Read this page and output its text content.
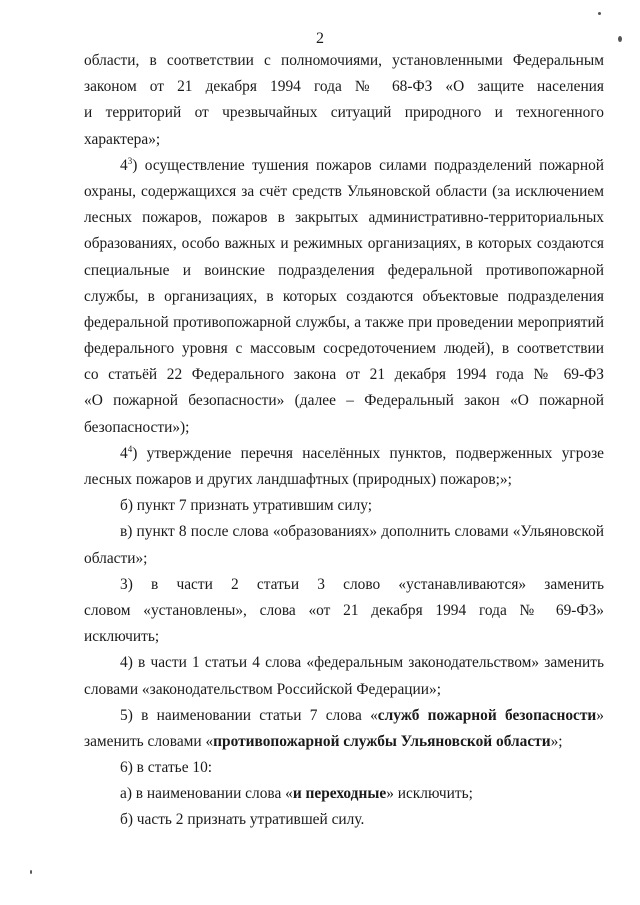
2
области, в соответствии с полномочиями, установленными Федеральным
законом от 21 декабря 1994 года № 68-ФЗ «О защите населения
и территорий от чрезвычайных ситуаций природного и техногенного
характера»;
$4^3$) осуществление тушения пожаров силами подразделений пожарной
охраны, содержащихся за счёт средств Ульяновской области (за исключением
лесных пожаров, пожаров в закрытых административно-территориальных
образованиях, особо важных и режимных организациях, в которых создаются
специальные и воинские подразделения федеральной противопожарной
службы, в организациях, в которых создаются объектовые подразделения
федеральной противопожарной службы, а также при проведении мероприятий
федерального уровня с массовым сосредоточением людей), в соответствии
со статьёй 22 Федерального закона от 21 декабря 1994 года № 69-ФЗ
«О пожарной безопасности» (далее – Федеральный закон «О пожарной
безопасности»);
$4^4$) утверждение перечня населённых пунктов, подверженных угрозе
лесных пожаров и других ландшафтных (природных) пожаров;»;
б) пункт 7 признать утратившим силу;
в) пункт 8 после слова «образованиях» дополнить словами «Ульяновской
области»;
3) в части 2 статьи 3 слово «устанавливаются» заменить
словом «установлены», слова «от 21 декабря 1994 года № 69-ФЗ»
исключить;
4) в части 1 статьи 4 слова «федеральным законодательством» заменить
словами «законодательством Российской Федерации»;
5) в наименовании статьи 7 слова «служб пожарной безопасности»
заменить словами «противопожарной службы Ульяновской области»;
6) в статье 10:
а) в наименовании слова «и переходные» исключить;
б) часть 2 признать утратившей силу.
